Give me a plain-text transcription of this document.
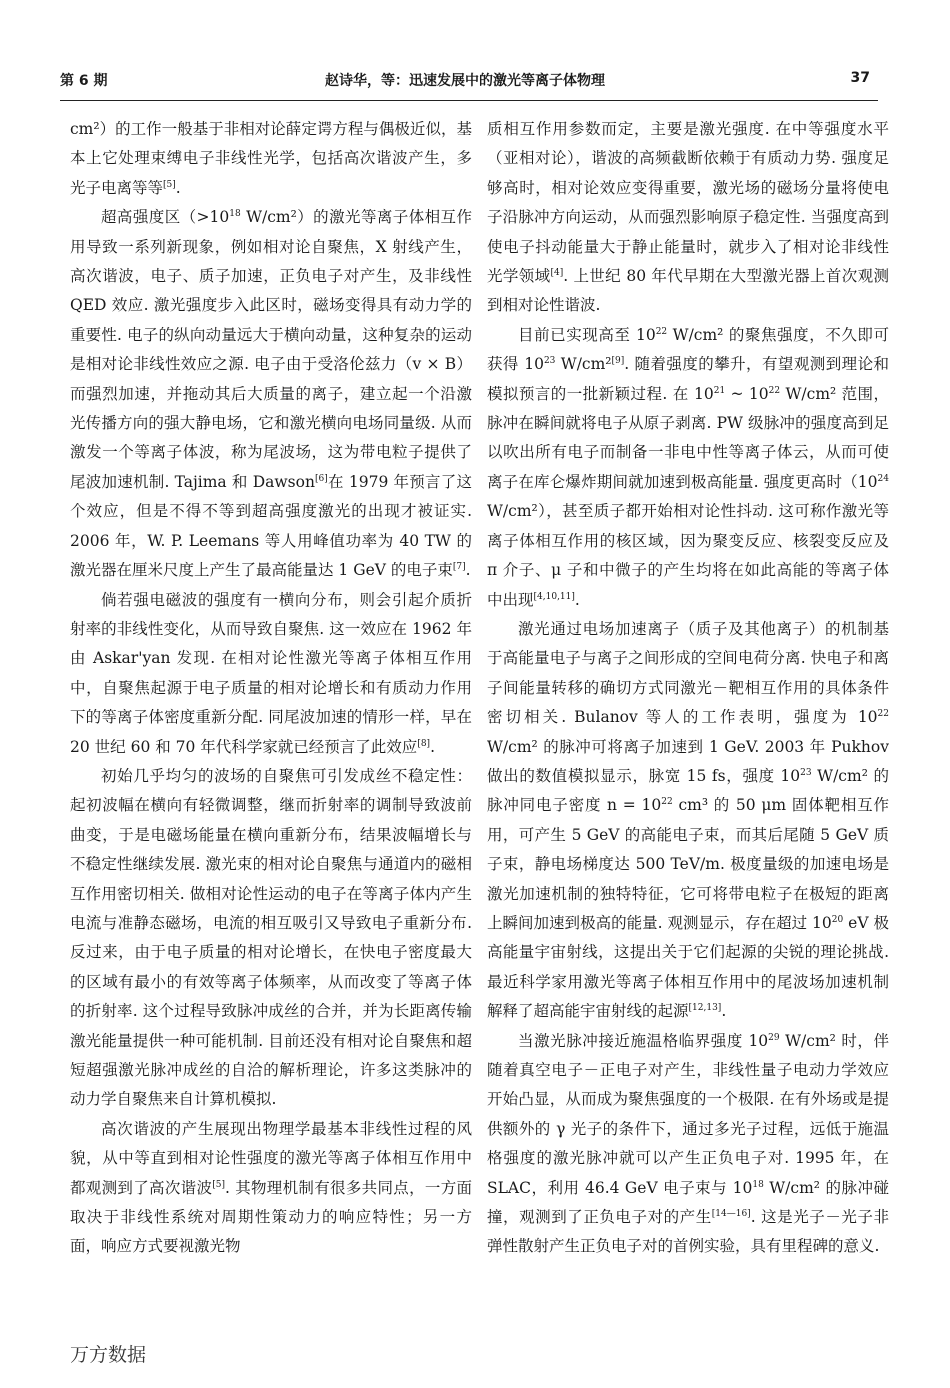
第 6 期	赵诗华，等：迅速发展中的激光等离子体物理	37

cm²）的工作一般基于非相对论薛定谔方程与偶极近似，基本上它处理束缚电子非线性光学，包括高次谐波产生，多光子电离等等[5].

超高强度区（$>10^{18}$ W/cm²）的激光等离子体相互作用导致一系列新现象，例如相对论自聚焦，X 射线产生，高次谐波，电子、质子加速，正负电子对产生，及非线性 QED 效应. 激光强度步入此区时，磁场变得具有动力学的重要性. 电子的纵向动量远大于横向动量，这种复杂的运动是相对论非线性效应之源. 电子由于受洛伦兹力（v × B）而强烈加速，并拖动其后大质量的离子，建立起一个沿激光传播方向的强大静电场，它和激光横向电场同量级. 从而激发一个等离子体波，称为尾波场，这为带电粒子提供了尾波加速机制. Tajima 和 Dawson[6]在 1979 年预言了这个效应，但是不得不等到超高强度激光的出现才被证实. 2006 年，W. P. Leemans 等人用峰值功率为 40 TW 的激光器在厘米尺度上产生了最高能量达 1 GeV 的电子束[7].

倘若强电磁波的强度有一横向分布，则会引起介质折射率的非线性变化，从而导致自聚焦. 这一效应在 1962 年由 Askar'yan 发现. 在相对论性激光等离子体相互作用中，自聚焦起源于电子质量的相对论增长和有质动力作用下的等离子体密度重新分配. 同尾波加速的情形一样，早在 20 世纪 60 和 70 年代科学家就已经预言了此效应[8].

初始几乎均匀的波场的自聚焦可引发成丝不稳定性：起初波幅在横向有轻微调整，继而折射率的调制导致波前曲变，于是电磁场能量在横向重新分布，结果波幅增长与不稳定性继续发展. 激光束的相对论自聚焦与通道内的磁相互作用密切相关. 做相对论性运动的电子在等离子体内产生电流与准静态磁场，电流的相互吸引又导致电子重新分布. 反过来，由于电子质量的相对论增长，在快电子密度最大的区域有最小的有效等离子体频率，从而改变了等离子体的折射率. 这个过程导致脉冲成丝的合并，并为长距离传输激光能量提供一种可能机制. 目前还没有相对论自聚焦和超短超强激光脉冲成丝的自洽的解析理论，许多这类脉冲的动力学自聚焦来自计算机模拟.

高次谐波的产生展现出物理学最基本非线性过程的风貌，从中等直到相对论性强度的激光等离子体相互作用中都观测到了高次谐波[5]. 其物理机制有很多共同点，一方面取决于非线性系统对周期性策动力的响应特性；另一方面，响应方式要视激光物

质相互作用参数而定，主要是激光强度. 在中等强度水平（亚相对论），谐波的高频截断依赖于有质动力势. 强度足够高时，相对论效应变得重要，激光场的磁场分量将使电子沿脉冲方向运动，从而强烈影响原子稳定性. 当强度高到使电子抖动能量大于静止能量时，就步入了相对论非线性光学领域[4]. 上世纪 80 年代早期在大型激光器上首次观测到相对论性谐波.

目前已实现高至 $10^{22}$ W/cm² 的聚焦强度，不久即可获得 $10^{23}$ W/cm²[9]. 随着强度的攀升，有望观测到理论和模拟预言的一批新颖过程. 在 $10^{21}$ ~ $10^{22}$ W/cm² 范围，脉冲在瞬间就将电子从原子剥离. PW 级脉冲的强度高到足以吹出所有电子而制备一非电中性等离子体云，从而可使离子在库仑爆炸期间就加速到极高能量. 强度更高时（$10^{24}$ W/cm²），甚至质子都开始相对论性抖动. 这可称作激光等离子体相互作用的核区域，因为聚变反应、核裂变反应及 π 介子、μ 子和中微子的产生均将在如此高能的等离子体中出现[4,10,11].

激光通过电场加速离子（质子及其他离子）的机制基于高能量电子与离子之间形成的空间电荷分离. 快电子和离子间能量转移的确切方式同激光－靶相互作用的具体条件密切相关. Bulanov 等人的工作表明，强度为 $10^{22}$ W/cm² 的脉冲可将离子加速到 1 GeV. 2003 年 Pukhov 做出的数值模拟显示，脉宽 15 fs，强度 $10^{23}$ W/cm² 的脉冲同电子密度 $n = 10^{22}$ cm³ 的 50 μm 固体靶相互作用，可产生 5 GeV 的高能电子束，而其后尾随 5 GeV 质子束，静电场梯度达 500 TeV/m. 极度量级的加速电场是激光加速机制的独特特征，它可将带电粒子在极短的距离上瞬间加速到极高的能量. 观测显示，存在超过 $10^{20}$ eV 极高能量宇宙射线，这提出关于它们起源的尖锐的理论挑战. 最近科学家用激光等离子体相互作用中的尾波场加速机制解释了超高能宇宙射线的起源[12,13].

当激光脉冲接近施温格临界强度 $10^{29}$ W/cm² 时，伴随着真空电子－正电子对产生，非线性量子电动力学效应开始凸显，从而成为聚焦强度的一个极限. 在有外场或是提供额外的 γ 光子的条件下，通过多光子过程，远低于施温格强度的激光脉冲就可以产生正负电子对. 1995 年，在 SLAC，利用 46.4 GeV 电子束与 $10^{18}$ W/cm² 的脉冲碰撞，观测到了正负电子对的产生[14—16]. 这是光子－光子非弹性散射产生正负电子对的首例实验，具有里程碑的意义.

万方数据
